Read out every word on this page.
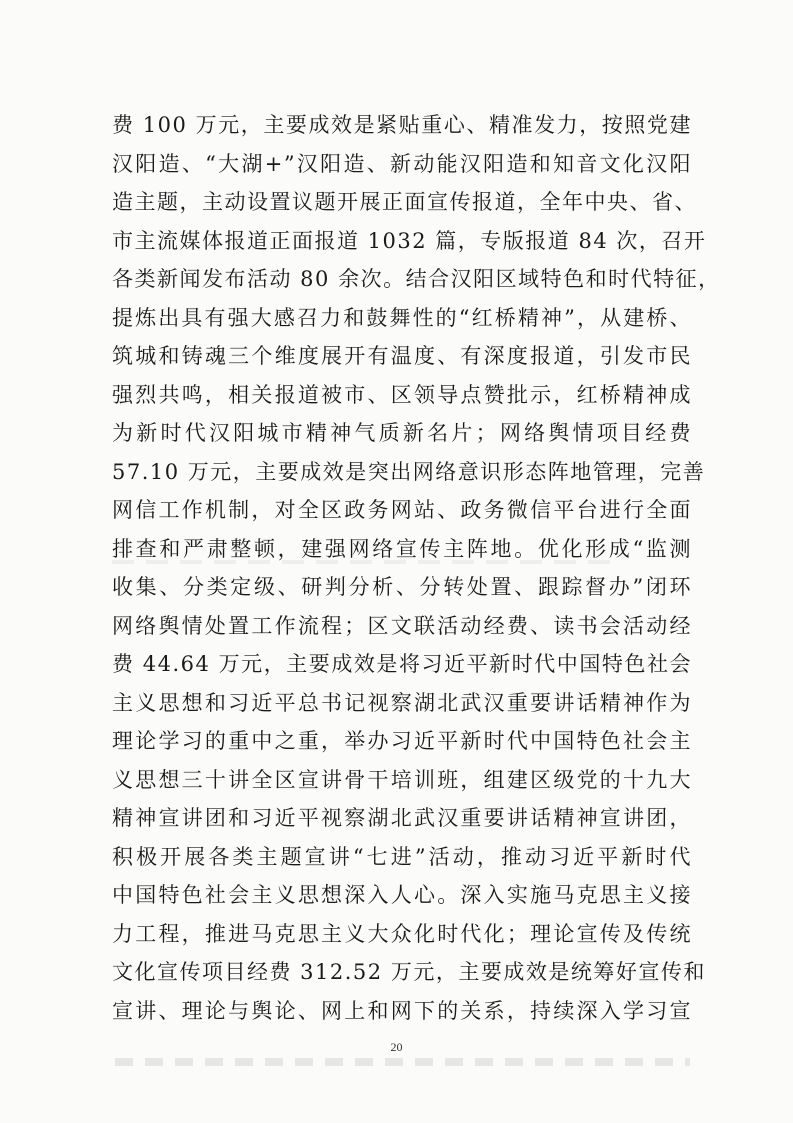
费 100 万元，主要成效是紧贴重心、精准发力，按照党建
汉阳造、“大湖+”汉阳造、新动能汉阳造和知音文化汉阳
造主题，主动设置议题开展正面宣传报道，全年中央、省、
市主流媒体报道正面报道 1032 篇，专版报道 84 次，召开
各类新闻发布活动 80 余次。结合汉阳区域特色和时代特征，
提炼出具有强大感召力和鼓舞性的“红桥精神”，从建桥、
筑城和铸魂三个维度展开有温度、有深度报道，引发市民
强烈共鸣，相关报道被市、区领导点赞批示，红桥精神成
为新时代汉阳城市精神气质新名片；网络舆情项目经费
57.10 万元，主要成效是突出网络意识形态阵地管理，完善
网信工作机制，对全区政务网站、政务微信平台进行全面
排查和严肃整顿，建强网络宣传主阵地。优化形成“监测
收集、分类定级、研判分析、分转处置、跟踪督办”闭环
网络舆情处置工作流程；区文联活动经费、读书会活动经
费 44.64 万元，主要成效是将习近平新时代中国特色社会
主义思想和习近平总书记视察湖北武汉重要讲话精神作为
理论学习的重中之重，举办习近平新时代中国特色社会主
义思想三十讲全区宣讲骨干培训班，组建区级党的十九大
精神宣讲团和习近平视察湖北武汉重要讲话精神宣讲团，
积极开展各类主题宣讲“七进”活动，推动习近平新时代
中国特色社会主义思想深入人心。深入实施马克思主义接
力工程，推进马克思主义大众化时代化；理论宣传及传统
文化宣传项目经费 312.52 万元，主要成效是统筹好宣传和
宣讲、理论与舆论、网上和网下的关系，持续深入学习宣
20
